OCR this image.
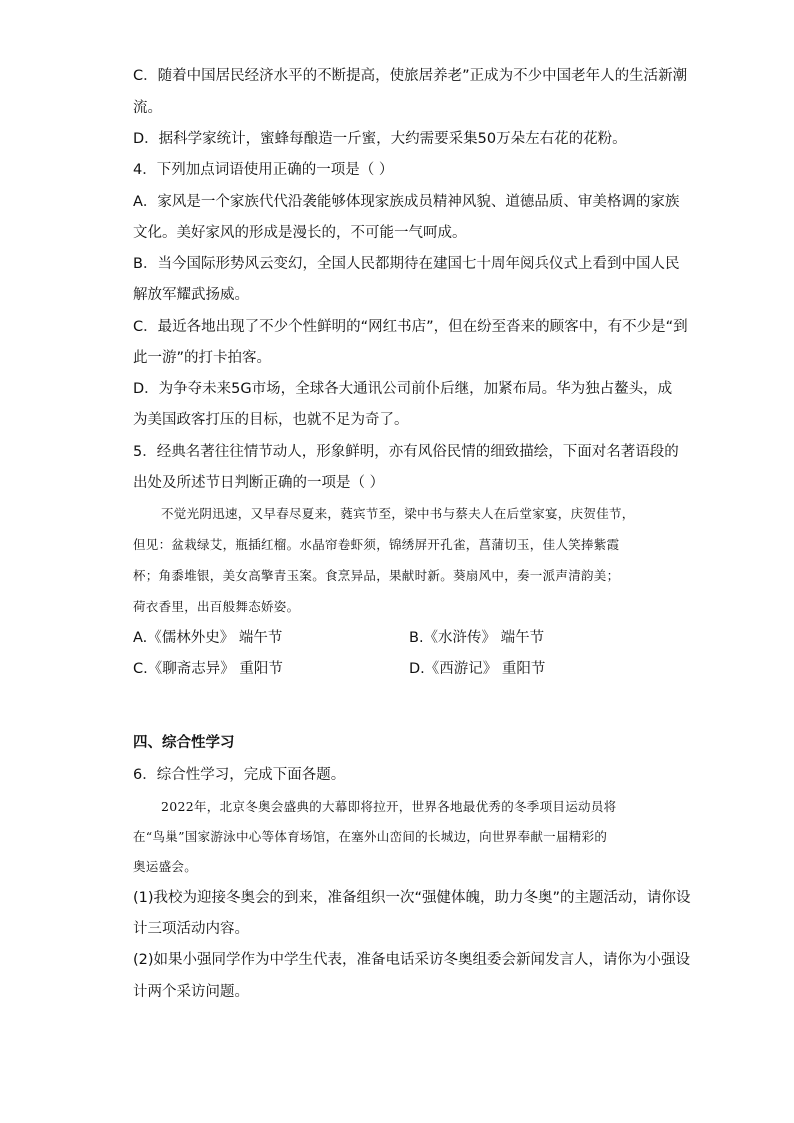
C．随着中国居民经济水平的不断提高，使旅居养老”正成为不少中国老年人的生活新潮
流。
D．据科学家统计，蜜蜂每酿造一斤蜜，大约需要采集50万朵左右花的花粉。
4．下列加点词语使用正确的一项是（ ）
A．家风是一个家族代代沿袭能够体现家族成员精神风貌、道德品质、审美格调的家族
文化。美好家风的形成是漫长的，不可能一气呵成。
B．当今国际形势风云变幻，全国人民都期待在建国七十周年阅兵仪式上看到中国人民
解放军耀武扬威。
C．最近各地出现了不少个性鲜明的“网红书店”，但在纷至沓来的顾客中，有不少是“到
此一游”的打卡拍客。
D．为争夺未来5G市场，全球各大通讯公司前仆后继，加紧布局。华为独占鳌头，成
为美国政客打压的目标，也就不足为奇了。
5．经典名著往往情节动人，形象鲜明，亦有风俗民情的细致描绘，下面对名著语段的
出处及所述节日判断正确的一项是（ ）
不觉光阴迅速，又早春尽夏来，蕤宾节至，梁中书与蔡夫人在后堂家宴，庆贺佳节，
但见：盆栽绿艾，瓶插红榴。水晶帘卷虾须，锦绣屏开孔雀，菖蒲切玉，佳人笑捧紫霞
杯；角黍堆银，美女高擎青玉案。食烹异品，果献时新。葵扇风中，奏一派声清韵美；
荷衣香里，出百般舞态娇姿。
A.《儒林外史》 端午节	B.《水浒传》 端午节
C.《聊斋志异》 重阳节	D.《西游记》 重阳节
四、综合性学习
6．综合性学习，完成下面各题。
2022年，北京冬奥会盛典的大幕即将拉开，世界各地最优秀的冬季项目运动员将
在“鸟巢”国家游泳中心等体育场馆，在塞外山峦间的长城边，向世界奉献一届精彩的
奥运盛会。
(1)我校为迎接冬奥会的到来，准备组织一次“强健体魄，助力冬奥”的主题活动，请你设
计三项活动内容。
(2)如果小强同学作为中学生代表，准备电话采访冬奥组委会新闻发言人，请你为小强设
计两个采访问题。
